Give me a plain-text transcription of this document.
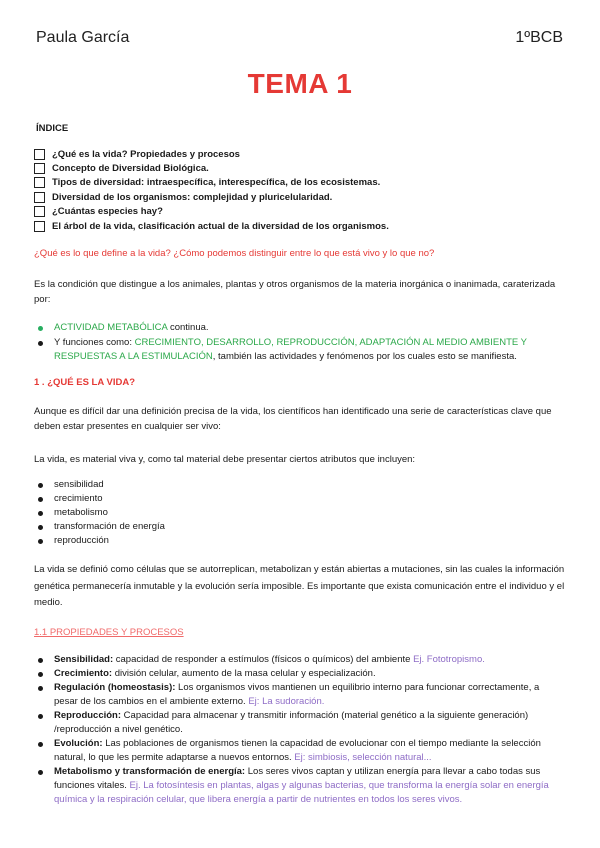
Paula García	1ºBCB
TEMA 1
ÍNDICE
¿Qué es la vida? Propiedades y procesos
Concepto de Diversidad Biológica.
Tipos de diversidad: intraespecífica, interespecífica, de los ecosistemas.
Diversidad de los organismos: complejidad y pluricelularidad.
¿Cuántas especies hay?
El árbol de la vida, clasificación actual de la diversidad de los organismos.
¿Qué es lo que define a la vida? ¿Cómo podemos distinguir entre lo que está vivo y lo que no?
Es la condición que distingue a los animales, plantas y otros organismos de la materia inorgánica o inanimada, caraterizada por:
ACTIVIDAD METABÓLICA continua.
Y funciones como: CRECIMIENTO, DESARROLLO, REPRODUCCIÓN, ADAPTACIÓN AL MEDIO AMBIENTE Y RESPUESTAS A LA ESTIMULACIÓN, también las actividades y fenómenos por los cuales esto se manifiesta.
1 . ¿QUÉ ES LA VIDA?
Aunque es difícil dar una definición precisa de la vida, los científicos han identificado una serie de características clave que deben estar presentes en cualquier ser vivo:
La vida, es material viva y, como tal material debe presentar ciertos atributos que incluyen:
sensibilidad
crecimiento
metabolismo
transformación de energía
reproducción
La vida se definió como células que se autorreplican, metabolizan y están abiertas a mutaciones, sin las cuales la información genética permanecería inmutable y la evolución sería imposible. Es importante que exista comunicación entre el individuo y el medio.
1.1 PROPIEDADES Y PROCESOS
Sensibilidad: capacidad de responder a estímulos (físicos o químicos) del ambiente Ej. Fototropismo.
Crecimiento: división celular, aumento de la masa celular y especialización.
Regulación (homeostasis): Los organismos vivos mantienen un equilibrio interno para funcionar correctamente, a pesar de los cambios en el ambiente externo. Ej: La sudoración.
Reproducción: Capacidad para almacenar y transmitir información (material genético a la siguiente generación) /reproducción a nivel genético.
Evolución: Las poblaciones de organismos tienen la capacidad de evolucionar con el tiempo mediante la selección natural, lo que les permite adaptarse a nuevos entornos. Ej: simbiosis, selección natural...
Metabolismo y transformación de energía: Los seres vivos captan y utilizan energía para llevar a cabo todas sus funciones vitales. Ej. La fotosíntesis en plantas, algas y algunas bacterias, que transforma la energía solar en energía química y la respiración celular, que libera energía a partir de nutrientes en todos los seres vivos.
